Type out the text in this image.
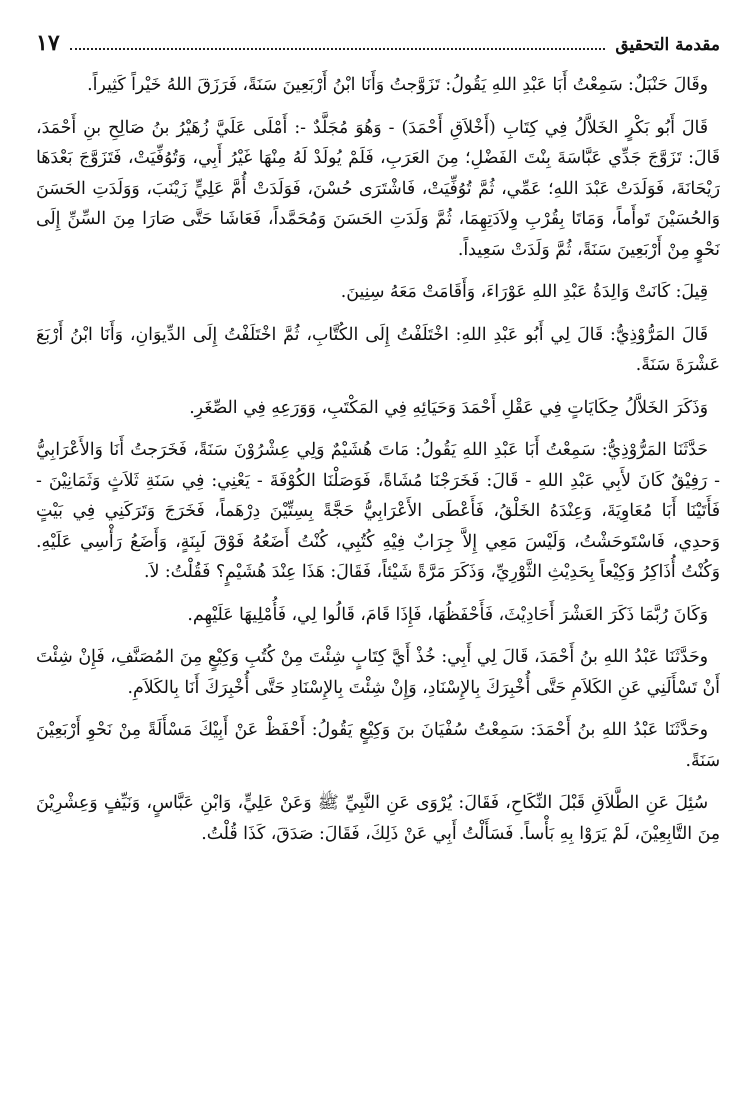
مقدمة التحقيق
١٧

وقَالَ حَنْبَلٌ: سَمِعْتُ أَبَا عَبْدِ اللهِ يَقُولُ: تَزَوَّجتُ وَأَنَا ابْنُ أَرْبَعِينَ سَنَةً، فَرَزَقَ اللهُ خَيْراً كَثِيراً.

قَالَ أَبُو بَكْرٍ الخَلاَّلُ فِي كِتَابِ (أَخْلاَقِ أَحْمَدَ) - وَهُوَ مُجَلَّدٌ -: أَمْلَى عَلَيَّ زُهَيْرُ بنُ صَالِحِ بنِ أَحْمَدَ، قَالَ: تَزَوَّجَ جَدِّي عَبَّاسَةَ بِنْتَ الفَضْلِ؛ مِنَ العَرَبِ، فَلَمْ يُولَدْ لَهُ مِنْهَا غَيْرُ أَبِي، وَتُوُفِّيَتْ، فَتَزَوَّجَ بَعْدَهَا رَيْحَانَةَ، فَوَلَدَتْ عَبْدَ اللهِ؛ عَمِّي، ثُمَّ تُوُفِّيَتْ، فَاشْتَرَى حُسْنَ، فَوَلَدَتْ أُمَّ عَلِيٍّ زَيْنَبَ، وَوَلَدَتِ الحَسَنَ وَالحُسَيْنَ تَوأَماً، وَمَاتَا بِقُرْبِ وِلاَدَتِهِمَا، ثُمَّ وَلَدَتِ الحَسَنَ وَمُحَمَّداً، فَعَاشَا حَتَّى صَارَا مِنَ السِّنِّ إِلَى نَحْوٍ مِنْ أَرْبَعِينَ سَنَةً، ثُمَّ وَلَدَتْ سَعِيداً.

قِيلَ: كَانَتْ وَالِدَةُ عَبْدِ اللهِ عَوْرَاءَ، وَأَقَامَتْ مَعَهُ سِنِينَ.

قَالَ المَرُّوْذِيُّ: قَالَ لِي أَبُو عَبْدِ اللهِ: اخْتَلَفْتُ إِلَى الكُتَّابِ، ثُمَّ اخْتَلَفْتُ إِلَى الدِّيوَانِ، وَأَنَا ابْنُ أَرْبَعَ عَشْرَةَ سَنَةً.

وَذَكَرَ الخَلاَّلُ حِكَايَاتٍ فِي عَقْلِ أَحْمَدَ وَحَيَائِهِ فِي المَكْتَبِ، وَوَرَعِهِ فِي الصِّغَرِ.

حَدَّثَنَا المَرُّوْذِيُّ: سَمِعْتُ أَبَا عَبْدِ اللهِ يَقُولُ: مَاتَ هُشَيْمٌ وَلِي عِشْرُوْنَ سَنَةً، فَخَرَجتُ أَنَا وَالأَعْرَابِيُّ - رَفِيْقٌ كَانَ لأَبِي عَبْدِ اللهِ - قَالَ: فَخَرَجْنَا مُشَاةً، فَوَصَلْنَا الكُوْفَةَ - يَعْنِي: فِي سَنَةِ ثَلاَثٍ وَثَمَانِيْنَ - فَأَتَيْنَا أَبَا مُعَاوِيَةَ، وَعِنْدَهُ الخَلْقُ، فَأَعْطَى الأَعْرَابِيُّ حَجَّةً بِسِتِّيْنَ دِرْهَماً، فَخَرَجَ وَتَرَكَنِي فِي بَيْتٍ وَحدِي، فَاسْتَوحَشْتُ، وَلَيْسَ مَعِي إِلاَّ جِرَابٌ فِيْهِ كُتُبِي، كُنْتُ أَضَعُهُ فَوْقَ لَبِنَةٍ، وَأَضَعُ رَأْسِي عَلَيْهِ. وَكُنْتُ أُذَاكِرُ وَكِيْعاً بِحَدِيْثِ الثَّوْرِيِّ، وَذَكَرَ مَرَّةً شَيْئاً، فَقَالَ: هَذَا عِنْدَ هُشَيْمٍ؟ فَقُلْتُ: لاَ.

وَكَانَ رُبَّمَا ذَكَرَ العَشْرَ أَحَادِيْثَ، فَأَحْفَظُهَا، فَإِذَا قَامَ، قَالُوا لِي، فَأُمْلِيهَا عَلَيْهِم.

وحَدَّثَنَا عَبْدُ اللهِ بنُ أَحْمَدَ، قَالَ لِي أَبِي: خُذْ أَيَّ كِتَابٍ شِئْتَ مِنْ كُتُبِ وَكِيْعٍ مِنَ المُصَنَّفِ، فَإِنْ شِئْتَ أَنْ تَسْأَلَنِي عَنِ الكَلاَمِ حَتَّى أُخْبِرَكَ بِالإِسْنَادِ، وَإِنْ شِئْتَ بِالإِسْنَادِ حَتَّى أُخْبِرَكَ أَنَا بِالكَلاَمِ.

وحَدَّثَنَا عَبْدُ اللهِ بنُ أَحْمَدَ: سَمِعْتُ سُفْيَانَ بنَ وَكِيْعٍ يَقُولُ: أَحْفَظْ عَنْ أَبِيْكَ مَسْأَلَةً مِنْ نَحْوِ أَرْبَعِيْنَ سَنَةً.

سُئِلَ عَنِ الطَّلاَقِ قَبْلَ النِّكَاحِ، فَقَالَ: يُرْوَى عَنِ النَّبِيِّ ﷺ وَعَنْ عَلِيٍّ، وَابْنِ عَبَّاسٍ، وَنَيِّفٍ وَعِشْرِيْنَ مِنَ التَّابِعِيْنَ، لَمْ يَرَوْا بِهِ بَأْساً. فَسَأَلْتُ أَبِي عَنْ ذَلِكَ، فَقَالَ: صَدَقَ، كَذَا قُلْتُ.
